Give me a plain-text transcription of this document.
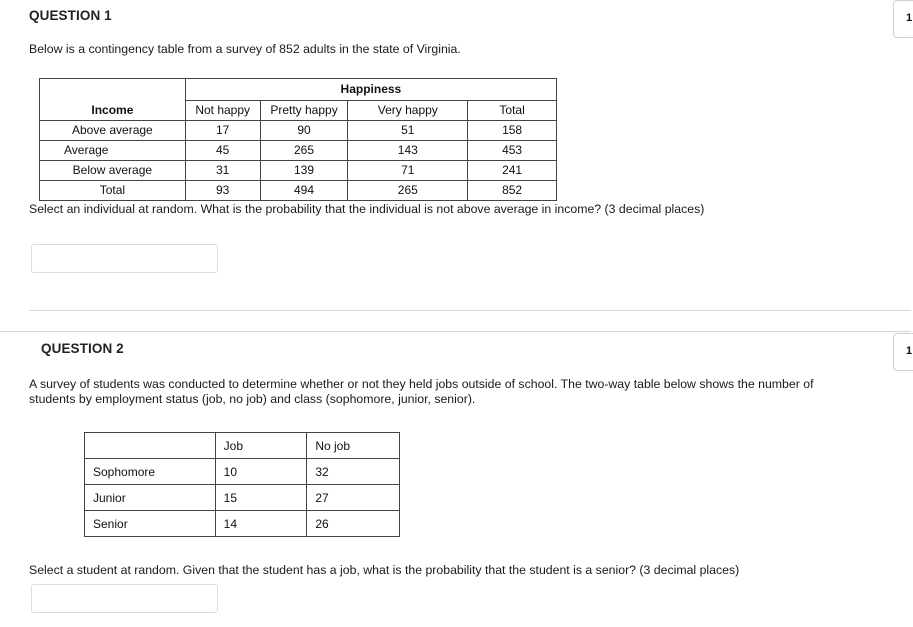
QUESTION 1	1
Below is a contingency table from a survey of 852 adults in the state of Virginia.
	Happiness			
Income	Not happy	Pretty happy	Very happy	Total
Above average	17	90	51	158
Average	45	265	143	453
Below average	31	139	71	241
Total	93	494	265	852
Select an individual at random. What is the probability that the individual is not above average in income? (3 decimal places)
QUESTION 2	1
A survey of students was conducted to determine whether or not they held jobs outside of school. The two-way table below shows the number of students by employment status (job, no job) and class (sophomore, junior, senior).
	Job	No job
Sophomore	10	32
Junior	15	27
Senior	14	26
Select a student at random. Given that the student has a job, what is the probability that the student is a senior? (3 decimal places)
